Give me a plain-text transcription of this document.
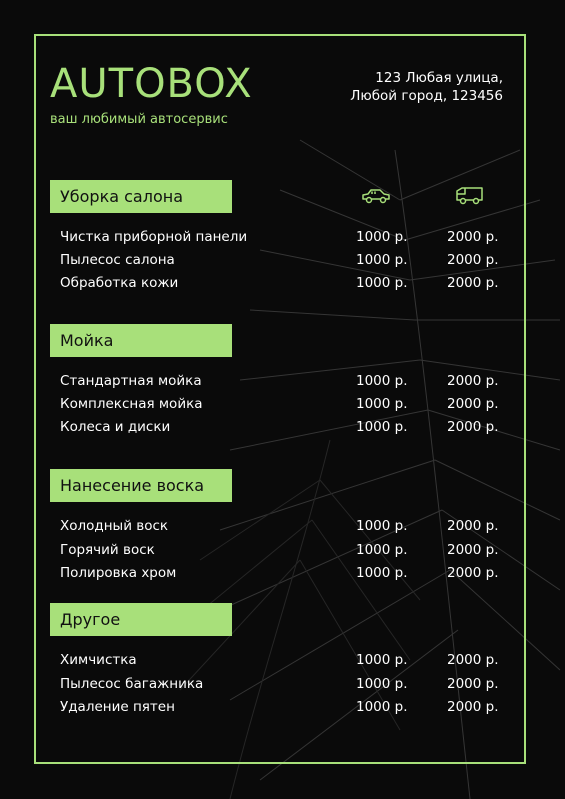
AUTOBOX
ваш любимый автосервис
123 Любая улица,
Любой город, 123456
Уборка салона
Чистка приборной панели	1000 р.	2000 р.
Пылесос салона	1000 р.	2000 р.
Обработка кожи	1000 р.	2000 р.
Мойка
Стандартная мойка	1000 р.	2000 р.
Комплексная мойка	1000 р.	2000 р.
Колеса и диски	1000 р.	2000 р.
Нанесение воска
Холодный воск	1000 р.	2000 р.
Горячий воск	1000 р.	2000 р.
Полировка хром	1000 р.	2000 р.
Другое
Химчистка	1000 р.	2000 р.
Пылесос багажника	1000 р.	2000 р.
Удаление пятен	1000 р.	2000 р.
